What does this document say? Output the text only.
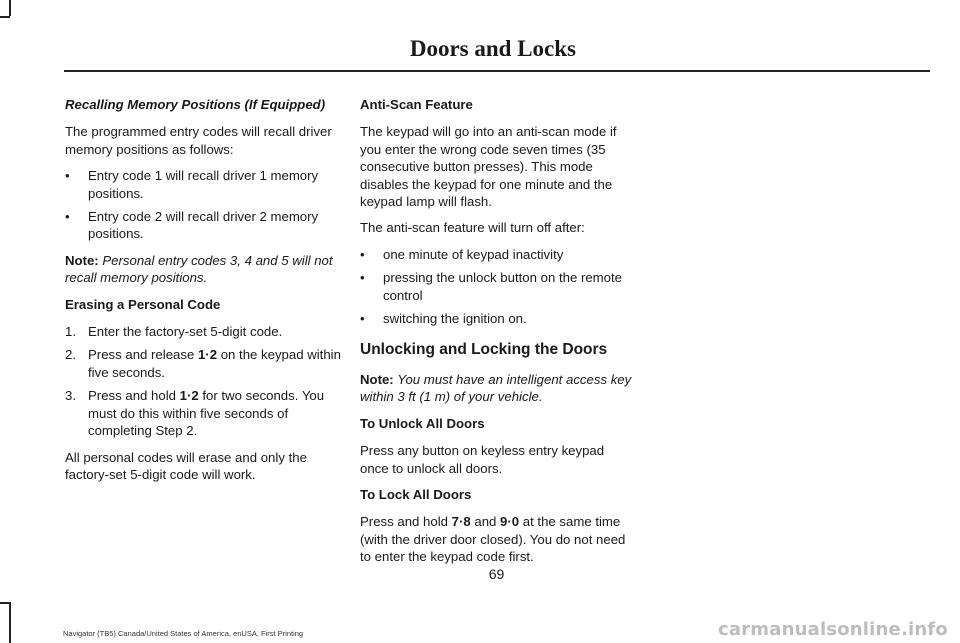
Doors and Locks

Recalling Memory Positions (If Equipped)

The programmed entry codes will recall driver memory positions as follows:

• Entry code 1 will recall driver 1 memory positions.
• Entry code 2 will recall driver 2 memory positions.

Note: Personal entry codes 3, 4 and 5 will not recall memory positions.

Erasing a Personal Code

1. Enter the factory-set 5-digit code.
2. Press and release 1·2 on the keypad within five seconds.
3. Press and hold 1·2 for two seconds. You must do this within five seconds of completing Step 2.

All personal codes will erase and only the factory-set 5-digit code will work.

Anti-Scan Feature

The keypad will go into an anti-scan mode if you enter the wrong code seven times (35 consecutive button presses). This mode disables the keypad for one minute and the keypad lamp will flash.

The anti-scan feature will turn off after:

• one minute of keypad inactivity
• pressing the unlock button on the remote control
• switching the ignition on.

Unlocking and Locking the Doors

Note: You must have an intelligent access key within 3 ft (1 m) of your vehicle.

To Unlock All Doors

Press any button on keyless entry keypad once to unlock all doors.

To Lock All Doors

Press and hold 7·8 and 9·0 at the same time (with the driver door closed). You do not need to enter the keypad code first.

69
Navigator (TB5) Canada/United States of America, enUSA, First Printing	carmanualsonline.info
